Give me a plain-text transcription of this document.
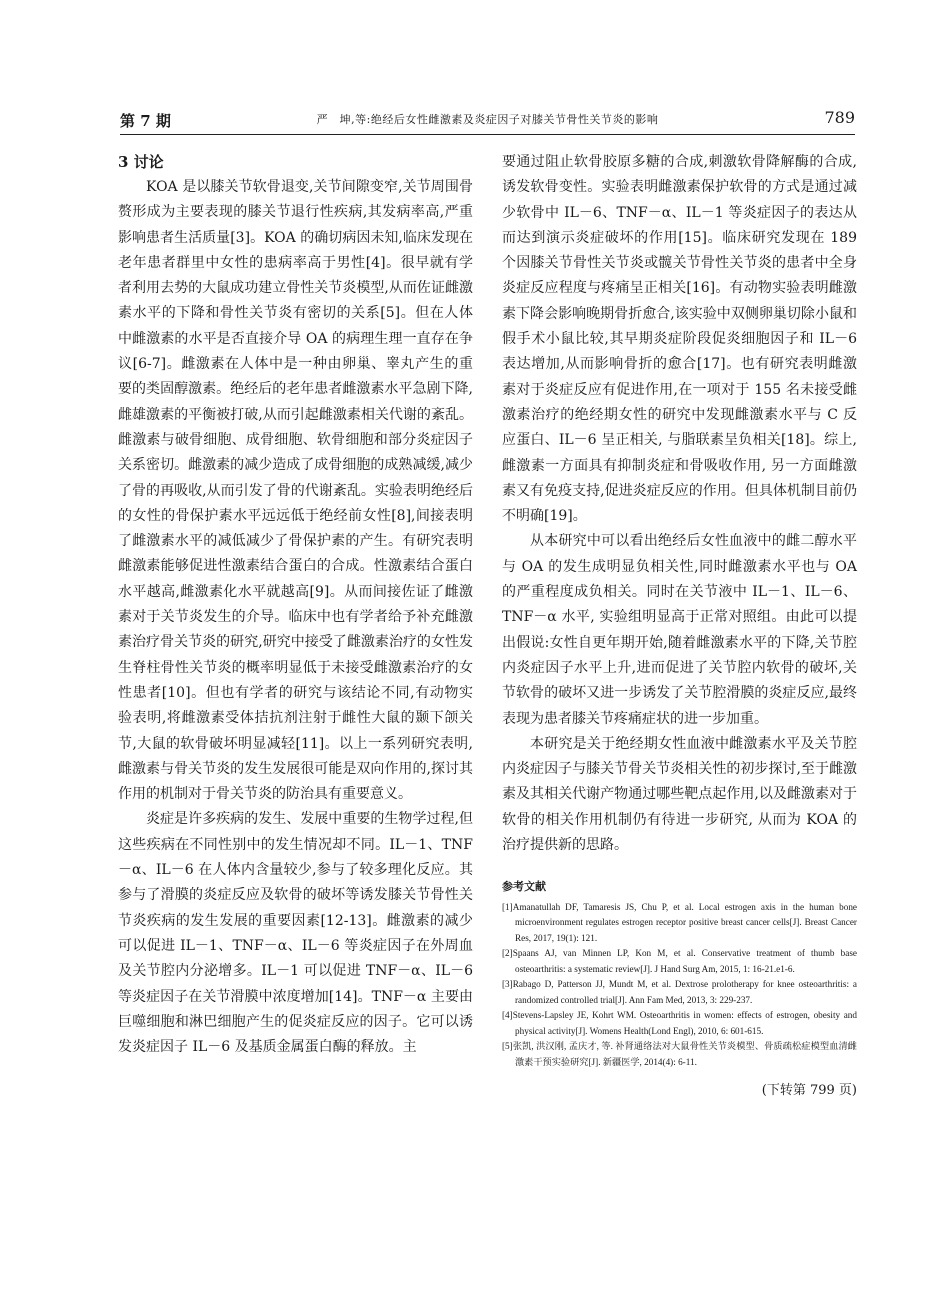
第 7 期	严　坤,等:绝经后女性雌激素及炎症因子对膝关节骨性关节炎的影响	789
3 讨论

KOA 是以膝关节软骨退变,关节间隙变窄,关节周围骨赘形成为主要表现的膝关节退行性疾病,其发病率高,严重影响患者生活质量[3]。KOA 的确切病因未知,临床发现在老年患者群里中女性的患病率高于男性[4]。很早就有学者利用去势的大鼠成功建立骨性关节炎模型,从而佐证雌激素水平的下降和骨性关节炎有密切的关系[5]。但在人体中雌激素的水平是否直接介导 OA 的病理生理一直存在争议[6-7]。雌激素在人体中是一种由卵巢、睾丸产生的重要的类固醇激素。绝经后的老年患者雌激素水平急剧下降,雌雄激素的平衡被打破,从而引起雌激素相关代谢的紊乱。雌激素与破骨细胞、成骨细胞、软骨细胞和部分炎症因子关系密切。雌激素的减少造成了成骨细胞的成熟减缓,减少了骨的再吸收,从而引发了骨的代谢紊乱。实验表明绝经后的女性的骨保护素水平远远低于绝经前女性[8],间接表明了雌激素水平的减低减少了骨保护素的产生。有研究表明雌激素能够促进性激素结合蛋白的合成。性激素结合蛋白水平越高,雌激素化水平就越高[9]。从而间接佐证了雌激素对于关节炎发生的介导。临床中也有学者给予补充雌激素治疗骨关节炎的研究,研究中接受了雌激素治疗的女性发生脊柱骨性关节炎的概率明显低于未接受雌激素治疗的女性患者[10]。但也有学者的研究与该结论不同,有动物实验表明,将雌激素受体拮抗剂注射于雌性大鼠的颞下颌关节,大鼠的软骨破坏明显减轻[11]。以上一系列研究表明,雌激素与骨关节炎的发生发展很可能是双向作用的,探讨其作用的机制对于骨关节炎的防治具有重要意义。

炎症是许多疾病的发生、发展中重要的生物学过程,但这些疾病在不同性别中的发生情况却不同。IL－1、TNF－α、IL－6 在人体内含量较少,参与了较多理化反应。其参与了滑膜的炎症反应及软骨的破坏等诱发膝关节骨性关节炎疾病的发生发展的重要因素[12-13]。雌激素的减少可以促进 IL－1、TNF－α、IL－6 等炎症因子在外周血及关节腔内分泌增多。IL－1 可以促进 TNF－α、IL－6 等炎症因子在关节滑膜中浓度增加[14]。TNF－α 主要由巨噬细胞和淋巴细胞产生的促炎症反应的因子。它可以诱发炎症因子 IL－6 及基质金属蛋白酶的释放。主

要通过阻止软骨胶原多糖的合成,刺激软骨降解酶的合成,诱发软骨变性。实验表明雌激素保护软骨的方式是通过减少软骨中 IL－6、TNF－α、IL－1 等炎症因子的表达从而达到演示炎症破坏的作用[15]。临床研究发现在 189 个因膝关节骨性关节炎或髋关节骨性关节炎的患者中全身炎症反应程度与疼痛呈正相关[16]。有动物实验表明雌激素下降会影响晚期骨折愈合,该实验中双侧卵巢切除小鼠和假手术小鼠比较,其早期炎症阶段促炎细胞因子和 IL－6 表达增加,从而影响骨折的愈合[17]。也有研究表明雌激素对于炎症反应有促进作用,在一项对于 155 名未接受雌激素治疗的绝经期女性的研究中发现雌激素水平与 C 反应蛋白、IL－6 呈正相关, 与脂联素呈负相关[18]。综上,雌激素一方面具有抑制炎症和骨吸收作用, 另一方面雌激素又有免疫支持,促进炎症反应的作用。但具体机制目前仍不明确[19]。

从本研究中可以看出绝经后女性血液中的雌二醇水平与 OA 的发生成明显负相关性,同时雌激素水平也与 OA 的严重程度成负相关。同时在关节液中 IL－1、IL－6、TNF－α 水平, 实验组明显高于正常对照组。由此可以提出假说:女性自更年期开始,随着雌激素水平的下降,关节腔内炎症因子水平上升,进而促进了关节腔内软骨的破坏,关节软骨的破坏又进一步诱发了关节腔滑膜的炎症反应,最终表现为患者膝关节疼痛症状的进一步加重。

本研究是关于绝经期女性血液中雌激素水平及关节腔内炎症因子与膝关节骨关节炎相关性的初步探讨,至于雌激素及其相关代谢产物通过哪些靶点起作用,以及雌激素对于软骨的相关作用机制仍有待进一步研究, 从而为 KOA 的治疗提供新的思路。

参考文献

[1]Amanatullah DF, Tamaresis JS, Chu P, et al. Local estrogen axis in the human bone microenvironment regulates estrogen receptor positive breast cancer cells[J]. Breast Cancer Res, 2017, 19(1): 121.

[2]Spaans AJ, van Minnen LP, Kon M, et al. Conservative treatment of thumb base osteoarthritis: a systematic review[J]. J Hand Surg Am, 2015, 1: 16-21.e1-6.

[3]Rabago D, Patterson JJ, Mundt M, et al. Dextrose prolotherapy for knee osteoarthritis: a randomized controlled trial[J]. Ann Fam Med, 2013, 3: 229-237.

[4]Stevens-Lapsley JE, Kohrt WM. Osteoarthritis in women: effects of estrogen, obesity and physical activity[J]. Womens Health(Lond Engl), 2010, 6: 601-615.

[5]张凯, 洪汉刚, 孟庆才, 等. 补肾通络法对大鼠骨性关节炎模型、骨质疏松症模型血清雌激素干预实验研究[J]. 新疆医学, 2014(4): 6-11.

(下转第 799 页)
